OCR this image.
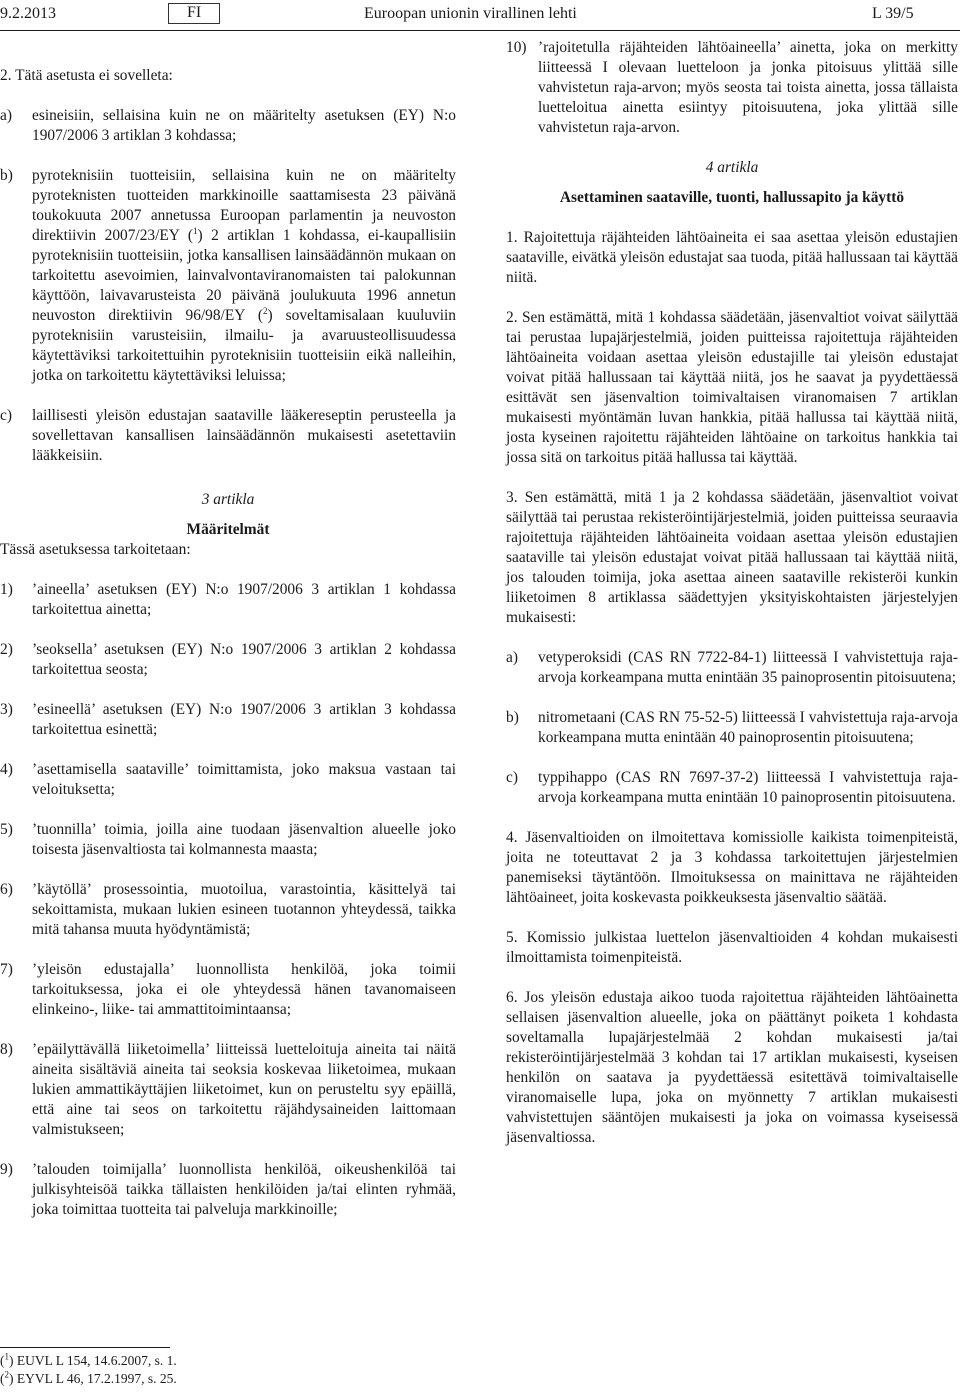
9.2.2013	FI	Euroopan unionin virallinen lehti	L 39/5

2. Tätä asetusta ei sovelleta:

a) esineisiin, sellaisina kuin ne on määritelty asetuksen (EY) N:o 1907/2006 3 artiklan 3 kohdassa;
b) pyroteknisiin tuotteisiin, sellaisina kuin ne on määritelty pyroteknisten tuotteiden markkinoille saattamisesta 23 päivänä toukokuuta 2007 annetussa Euroopan parlamentin ja neuvoston direktiivin 2007/23/EY ($^1$) 2 artiklan 1 kohdassa, ei-kaupallisiin pyroteknisiin tuotteisiin, jotka kansallisen lainsäädännön mukaan on tarkoitettu asevoimien, lainvalvontaviranomaisten tai palokunnan käyttöön, laivavarusteista 20 päivänä joulukuuta 1996 annetun neuvoston direktiivin 96/98/EY ($^2$) soveltamisalaan kuuluviin pyroteknisiin varusteisiin, ilmailu- ja avaruusteollisuudessa käytettäviksi tarkoitettuihin pyroteknisiin tuotteisiin eikä nalleihin, jotka on tarkoitettu käytettäviksi leluissa;
c) laillisesti yleisön edustajan saataville lääkereseptin perusteella ja sovellettavan kansallisen lainsäädännön mukaisesti asetettaviin lääkkeisiin.

3 artikla

Määritelmät

Tässä asetuksessa tarkoitetaan:

1) ’aineella’ asetuksen (EY) N:o 1907/2006 3 artiklan 1 kohdassa tarkoitettua ainetta;
2) ’seoksella’ asetuksen (EY) N:o 1907/2006 3 artiklan 2 kohdassa tarkoitettua seosta;
3) ’esineellä’ asetuksen (EY) N:o 1907/2006 3 artiklan 3 kohdassa tarkoitettua esinettä;
4) ’asettamisella saataville’ toimittamista, joko maksua vastaan tai veloituksetta;
5) ’tuonnilla’ toimia, joilla aine tuodaan jäsenvaltion alueelle joko toisesta jäsenvaltiosta tai kolmannesta maasta;
6) ’käytöllä’ prosessointia, muotoilua, varastointia, käsittelyä tai sekoittamista, mukaan lukien esineen tuotannon yhteydessä, taikka mitä tahansa muuta hyödyntämistä;
7) ’yleisön edustajalla’ luonnollista henkilöä, joka toimii tarkoituksessa, joka ei ole yhteydessä hänen tavanomaiseen elinkeino-, liike- tai ammattitoimintaansa;
8) ’epäilyttävällä liiketoimella’ liitteissä luetteloituja aineita tai näitä aineita sisältäviä aineita tai seoksia koskevaa liiketoimea, mukaan lukien ammattikäyttäjien liiketoimet, kun on perusteltu syy epäillä, että aine tai seos on tarkoitettu räjähdysaineiden laittomaan valmistukseen;
9) ’talouden toimijalla’ luonnollista henkilöä, oikeushenkilöä tai julkisyhteisöä taikka tällaisten henkilöiden ja/tai elinten ryhmää, joka toimittaa tuotteita tai palveluja markkinoille;
10) ’rajoitetulla räjähteiden lähtöaineella’ ainetta, joka on merkitty liitteessä I olevaan luetteloon ja jonka pitoisuus ylittää sille vahvistetun raja-arvon; myös seosta tai toista ainetta, jossa tällaista luetteloitua ainetta esiintyy pitoisuutena, joka ylittää sille vahvistetun raja-arvon.

4 artikla

Asettaminen saataville, tuonti, hallussapito ja käyttö

1. Rajoitettuja räjähteiden lähtöaineita ei saa asettaa yleisön edustajien saataville, eivätkä yleisön edustajat saa tuoda, pitää hallussaan tai käyttää niitä.

2. Sen estämättä, mitä 1 kohdassa säädetään, jäsenvaltiot voivat säilyttää tai perustaa lupajärjestelmiä, joiden puitteissa rajoitettuja räjähteiden lähtöaineita voidaan asettaa yleisön edustajille tai yleisön edustajat voivat pitää hallussaan tai käyttää niitä, jos he saavat ja pyydettäessä esittävät sen jäsenvaltion toimivaltaisen viranomaisen 7 artiklan mukaisesti myöntämän luvan hankkia, pitää hallussa tai käyttää niitä, josta kyseinen rajoitettu räjähteiden lähtöaine on tarkoitus hankkia tai jossa sitä on tarkoitus pitää hallussa tai käyttää.

3. Sen estämättä, mitä 1 ja 2 kohdassa säädetään, jäsenvaltiot voivat säilyttää tai perustaa rekisteröintijärjestelmiä, joiden puitteissa seuraavia rajoitettuja räjähteiden lähtöaineita voidaan asettaa yleisön edustajien saataville tai yleisön edustajat voivat pitää hallussaan tai käyttää niitä, jos talouden toimija, joka asettaa aineen saataville rekisteröi kunkin liiketoimen 8 artiklassa säädettyjen yksityiskohtaisten järjestelyjen mukaisesti:

a) vetyperoksidi (CAS RN 7722-84-1) liitteessä I vahvistettuja raja-arvoja korkeampana mutta enintään 35 painoprosentin pitoisuutena;
b) nitrometaani (CAS RN 75-52-5) liitteessä I vahvistettuja raja-arvoja korkeampana mutta enintään 40 painoprosentin pitoisuutena;
c) typpihappo (CAS RN 7697-37-2) liitteessä I vahvistettuja raja-arvoja korkeampana mutta enintään 10 painoprosentin pitoisuutena.

4. Jäsenvaltioiden on ilmoitettava komissiolle kaikista toimenpiteistä, joita ne toteuttavat 2 ja 3 kohdassa tarkoitettujen järjestelmien panemiseksi täytäntöön. Ilmoituksessa on mainittava ne räjähteiden lähtöaineet, joita koskevasta poikkeuksesta jäsenvaltio säätää.

5. Komissio julkistaa luettelon jäsenvaltioiden 4 kohdan mukaisesti ilmoittamista toimenpiteistä.

6. Jos yleisön edustaja aikoo tuoda rajoitettua räjähteiden lähtöainetta sellaisen jäsenvaltion alueelle, joka on päättänyt poiketa 1 kohdasta soveltamalla lupajärjestelmää 2 kohdan mukaisesti ja/tai rekisteröintijärjestelmää 3 kohdan tai 17 artiklan mukaisesti, kyseisen henkilön on saatava ja pyydettäessä esitettävä toimivaltaiselle viranomaiselle lupa, joka on myönnetty 7 artiklan mukaisesti vahvistettujen sääntöjen mukaisesti ja joka on voimassa kyseisessä jäsenvaltiossa.

($^1$) EUVL L 154, 14.6.2007, s. 1.
($^2$) EYVL L 46, 17.2.1997, s. 25.
